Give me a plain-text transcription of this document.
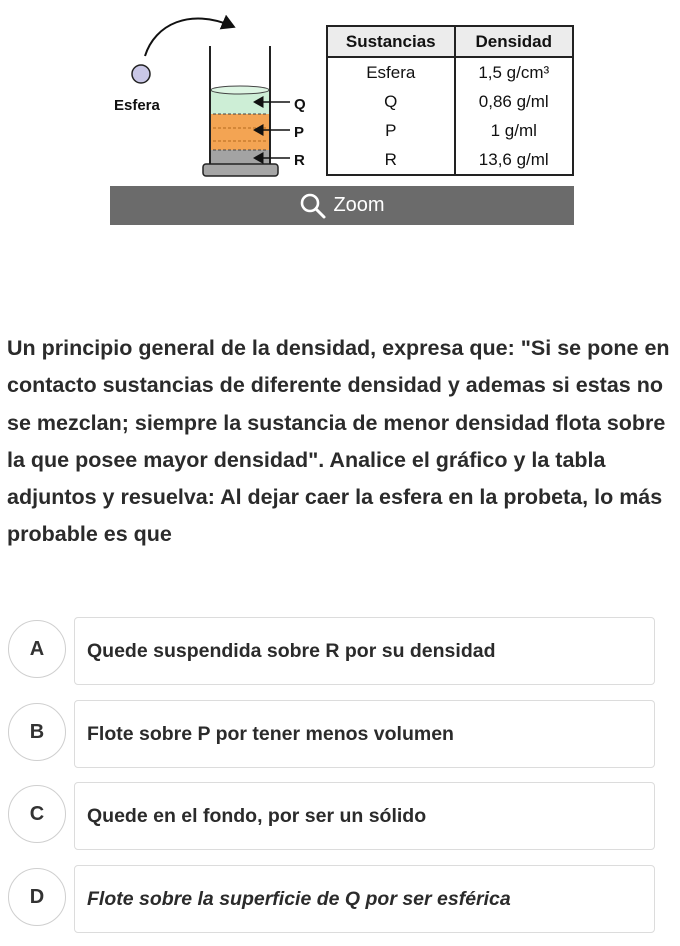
Esfera	Q
P
R
Sustancias	Densidad
Esfera	1,5 g/cm³
Q	0,86 g/ml
P	1 g/ml
R	13,6 g/ml
Zoom

Un principio general de la densidad, expresa que: "Si se pone en contacto sustancias de diferente densidad y ademas si estas no se mezclan; siempre la sustancia de menor densidad flota sobre la que posee mayor densidad". Analice el gráfico y la tabla adjuntos y resuelva: Al dejar caer la esfera en la probeta, lo más probable es que

A	Quede suspendida sobre R por su densidad
B	Flote sobre P por tener menos volumen
C	Quede en el fondo, por ser un sólido
D	Flote sobre la superficie de Q por ser esférica
